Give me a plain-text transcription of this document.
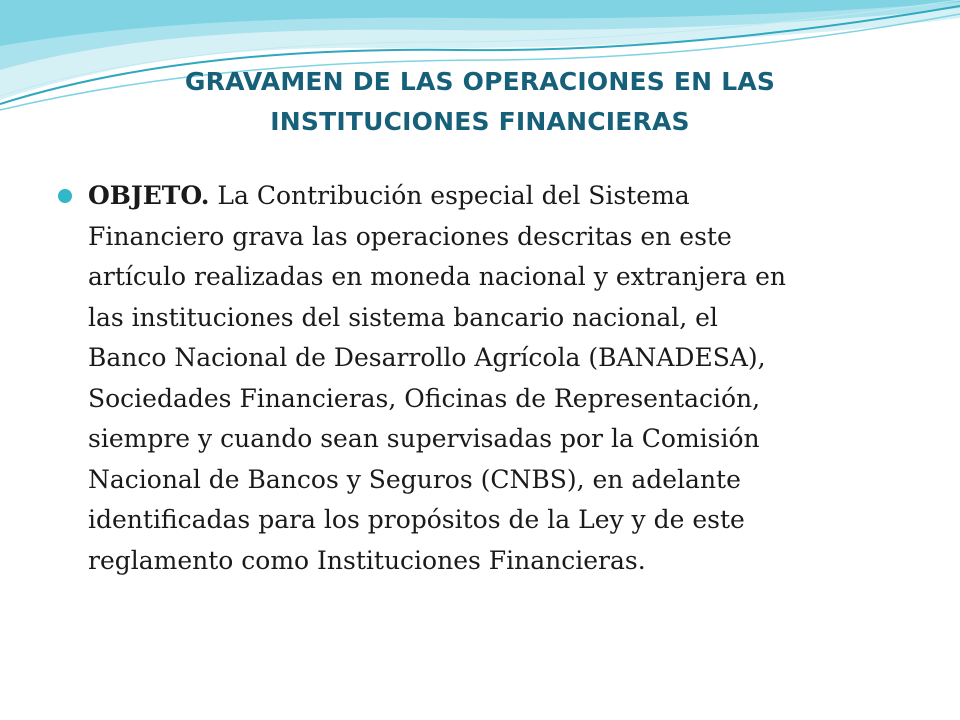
GRAVAMEN DE LAS OPERACIONES EN LAS
INSTITUCIONES FINANCIERAS
OBJETO. La Contribución especial del Sistema
Financiero grava las operaciones descritas en este
artículo realizadas en moneda nacional y extranjera en
las instituciones del sistema bancario nacional, el
Banco Nacional de Desarrollo Agrícola (BANADESA),
Sociedades Financieras, Oficinas de Representación,
siempre y cuando sean supervisadas por la Comisión
Nacional de Bancos y Seguros (CNBS), en adelante
identificadas para los propósitos de la Ley y de este
reglamento como Instituciones Financieras.
